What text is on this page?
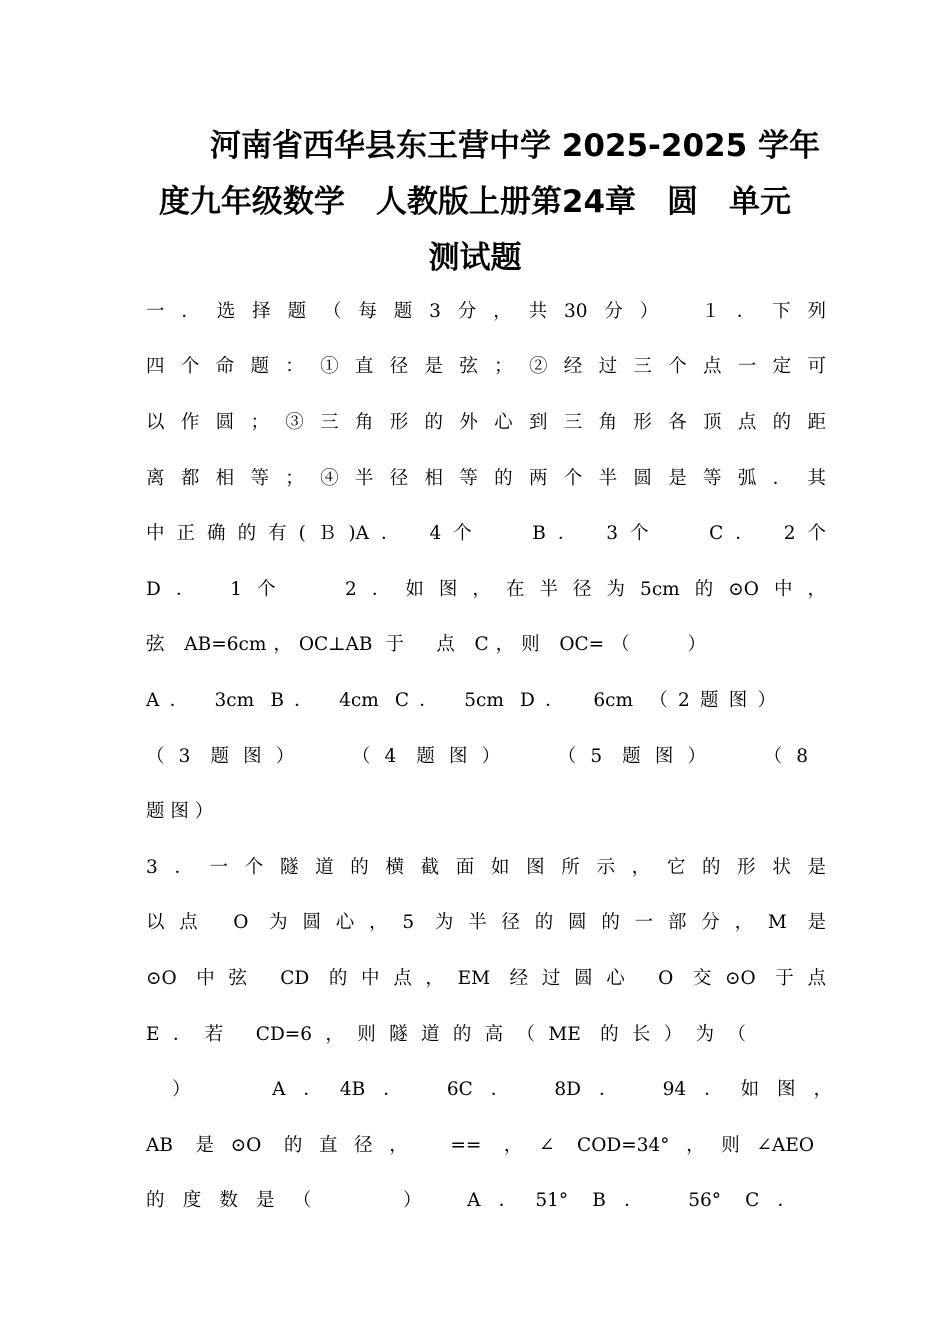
河南省西华县东王营中学 2025-2025 学年
度九年级数学　人教版上册第24章　圆　单元
测试题

一．选择题（每题3分，共30分）　１．下列

四个命题：①直径是弦；②经过三个点一定可

以作圆；③三角形的外心到三角形各顶点的距

离都相等；④半径相等的两个半圆是等弧．其

中正确的有(Ｂ)A． 4个　 B． 3个　 C． 2个

D． 1个　 2．如图，在半径为5cm的⊙O中，

弦 AB=6cm，OC⊥AB 于　点 C，则 OC=（　　）

A． 3cm B． 4cm C． 5cm D．　6cm （2题图）

（3 题图）　 （4 题图）　 （5 题图）　 （8

题 图 ）

3．一个隧道的横截面如图所示，它的形状是

以点 O 为圆心，5 为半径的圆的一部分，M 是

⊙O 中弦 CD 的中点，EM 经过圆心 O 交⊙O 于点

E．若 CD=6，则隧道的高（ME 的长）为（

）　　A．4B．　6C．　8D．　94．如图，

AB 是⊙O 的直径，　== ，∠ COD=34°，则∠AEO

的度数是（　　）　A．51° B．　56° C．
